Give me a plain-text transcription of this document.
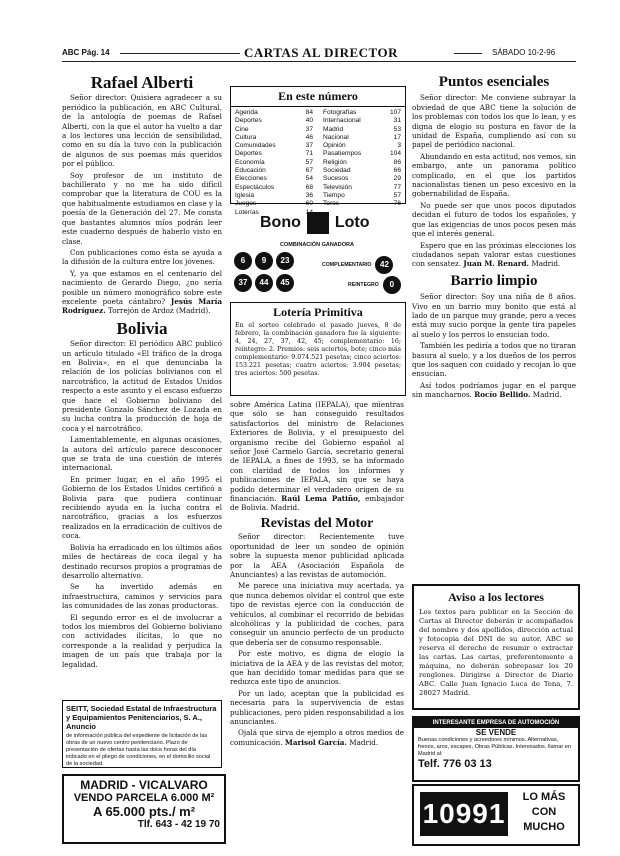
ABC Pág. 14	CARTAS AL DIRECTOR	SÁBADO 10-2-96
Rafael Alberti

Señor director: Quisiera agradecer a su periódico la publicación, en ABC Cultural, de la antología de poemas de Rafael Alberti, con la que el autor ha vuelto a dar a los lectores una lección de sensibilidad, como en su día la tuvo con la publicación de algunos de sus poemas más queridos por el público.

Soy profesor de un instituto de bachillerato y no me ha sido difícil comprobar que la literatura de COU es la que habitualmente estudiamos en clase y la poesía de la Generación del 27. Me consta que bastantes alumnos míos podrán leer este cuaderno después de haberlo visto en clase.

Con publicaciones como ésta se ayuda a la difusión de la cultura entre los jóvenes.

Y, ya que estamos en el centenario del nacimiento de Gerardo Diego, ¿no sería posible un número monográfico sobre este excelente poeta cántabro? Jesús María Rodríguez. Torrejón de Ardoz (Madrid).

Bolivia

Señor director: El periódico ABC publicó un artículo titulado «El tráfico de la droga en Bolivia», en el que denunciaba la relación de los policías bolivianos con el narcotráfico, la actitud de Estados Unidos respecto a este asunto y el escaso esfuerzo que hace el Gobierno boliviano del presidente Gonzalo Sánchez de Lozada en su lucha contra la producción de hoja de coca y el narcotráfico.

Lamentablemente, en algunas ocasiones, la autora del artículo parece desconocer que se trata de una cuestión de interés internacional.

En primer lugar, en el año 1995 el Gobierno de los Estados Unidos certificó a Bolivia para que pudiera continuar recibiendo ayuda en la lucha contra el narcotráfico, gracias a los esfuerzos realizados en la erradicación de cultivos de coca.

Bolivia ha erradicado en los últimos años miles de hectáreas de coca ilegal y ha destinado recursos propios a programas de desarrollo alternativo.

Se ha invertido además en infraestructura, caminos y servicios para las comunidades de las zonas productoras.

El segundo error es el de involucrar a todos los miembros del Gobierno boliviano con actividades ilícitas, lo que no corresponde a la realidad y perjudica la imagen de un país que trabaja por la legalidad.

SEITT, Sociedad Estatal de Infraestructura y Equipamientos Penitenciarios, S. A., Anuncio
de información pública del expediente de licitación de las obras de un nuevo centro penitenciario. Plazo de presentación de ofertas hasta las doce horas del día indicado en el pliego de condiciones, en el domicilio social de la sociedad.
MADRID - VICALVARO
VENDO PARCELA 6.000 M²
A 65.000 pts./ m²
Tlf. 643 - 42 19 70
En este número
Agenda	84
Deportes	40
Cine	37
Cultura	46
Comunidades	37
Deportes	71
Economía	57
Educación	67
Elecciones	54
Espectáculos	68
Iglesia	36
Juegos	60
Loterías
Fotografías	107
Internacional	31
Madrid	53
Nacional	17
Opinión	3
Pasatiempos	104
Religión	86
Sociedad	66
Sucesos	29
Televisión	77
Tiempo	57
Toros	76
Bono Loto
COMBINACIÓN GANADORA
6	9	23
37	44	45
COMPLEMENTARIO	42
REINTEGRO	0
Lotería Primitiva
En el sorteo celebrado el pasado jueves, 8 de febrero, la combinación ganadora fue la siguiente: 4, 24, 27, 37, 42, 45; complementario: 16; reintegro: 2. Premios: seis aciertos, bote; cinco más complementario: 9.074.521 pesetas; cinco aciertos: 153.221 pesetas; cuatro aciertos: 3.904 pesetas; tres aciertos: 500 pesetas.

sobre América Latina (IEPALA), que mientras que sólo se han conseguido resultados satisfactorios del ministro de Relaciones Exteriores de Bolivia, y el presupuesto del organismo recibe del Gobierno español al señor José Carmelo García, secretario general de IEPALA, a fines de 1993, se ha informado con claridad de todos los informes y publicaciones de IEPALA, sin que se haya podido determinar el verdadero origen de su financiación. Raúl Lema Patiño, embajador de Bolivia. Madrid.

Revistas del Motor

Señor director: Recientemente tuve oportunidad de leer un sondeo de opinión sobre la supuesta menor publicidad aplicada por la AEA (Asociación Española de Anunciantes) a las revistas de automoción.

Me parece una iniciativa muy acertada, ya que nunca debemos olvidar el control que este tipo de revistas ejerce con la conducción de vehículos, al combinar el recorrido de bebidas alcohólicas y la publicidad de coches, para conseguir un anuncio perfecto de un producto que debería ser de consumo responsable.

Por este motivo, es digna de elogio la iniciativa de la AEA y de las revistas del motor, que han decidido tomar medidas para que se reduzca este tipo de anuncios.

Por un lado, aceptan que la publicidad es necesaria para la supervivencia de estas publicaciones, pero piden responsabilidad a los anunciantes.

Ojalá que sirva de ejemplo a otros medios de comunicación. Marisol García. Madrid.

Puntos esenciales

Señor director: Me conviene subrayar la obviedad de que ABC tiene la solución de los problemas con todos los que lo lean, y es digna de elogio su postura en favor de la unidad de España, cumpliendo así con su papel de periódico nacional.

Abundando en esta actitud, nos vemos, sin embargo, ante un panorama político complicado, en el que los partidos nacionalistas tienen un peso excesivo en la gobernabilidad de España.

No puede ser que unos pocos diputados decidan el futuro de todos los españoles, y que las exigencias de unos pocos pesen más que el interés general.

Espero que en las próximas elecciones los ciudadanos sepan valorar estas cuestiones con sensatez. Juan M. Renard. Madrid.

Barrio limpio

Señor director: Soy una niña de 8 años. Vivo en un barrio muy bonito que está al lado de un parque muy grande, pero a veces está muy sucio porque la gente tira papeles al suelo y los perros lo ensucian todo.

También les pediría a todos que no tiraran basura al suelo, y a los dueños de los perros que los saquen con cuidado y recojan lo que ensucian.

Así todos podríamos jugar en el parque sin mancharnos. Rocío Bellido. Madrid.

Aviso a los lectores
Los textos para publicar en la Sección de Cartas al Director deberán ir acompañados del nombre y dos apellidos, dirección actual y fotocopia del DNI de su autor. ABC se reserva el derecho de resumir o extractar las cartas. Las cartas, preferentemente a máquina, no deberán sobrepasar los 20 renglones. Dirigirse a Director de Diario ABC. Calle Juan Ignacio Luca de Tena, 7. 28027 Madrid.
INTERESANTE EMPRESA DE AUTOMOCIÓN
SE VENDE
Buenas condiciones y acreedores mínimos. Alternativas, frenos, aros, escapes, Obras Públicas. Interesados, llamar en Madrid al:
Telf. 776 03 13
10991
LO MÁS
CON
MUCHO
